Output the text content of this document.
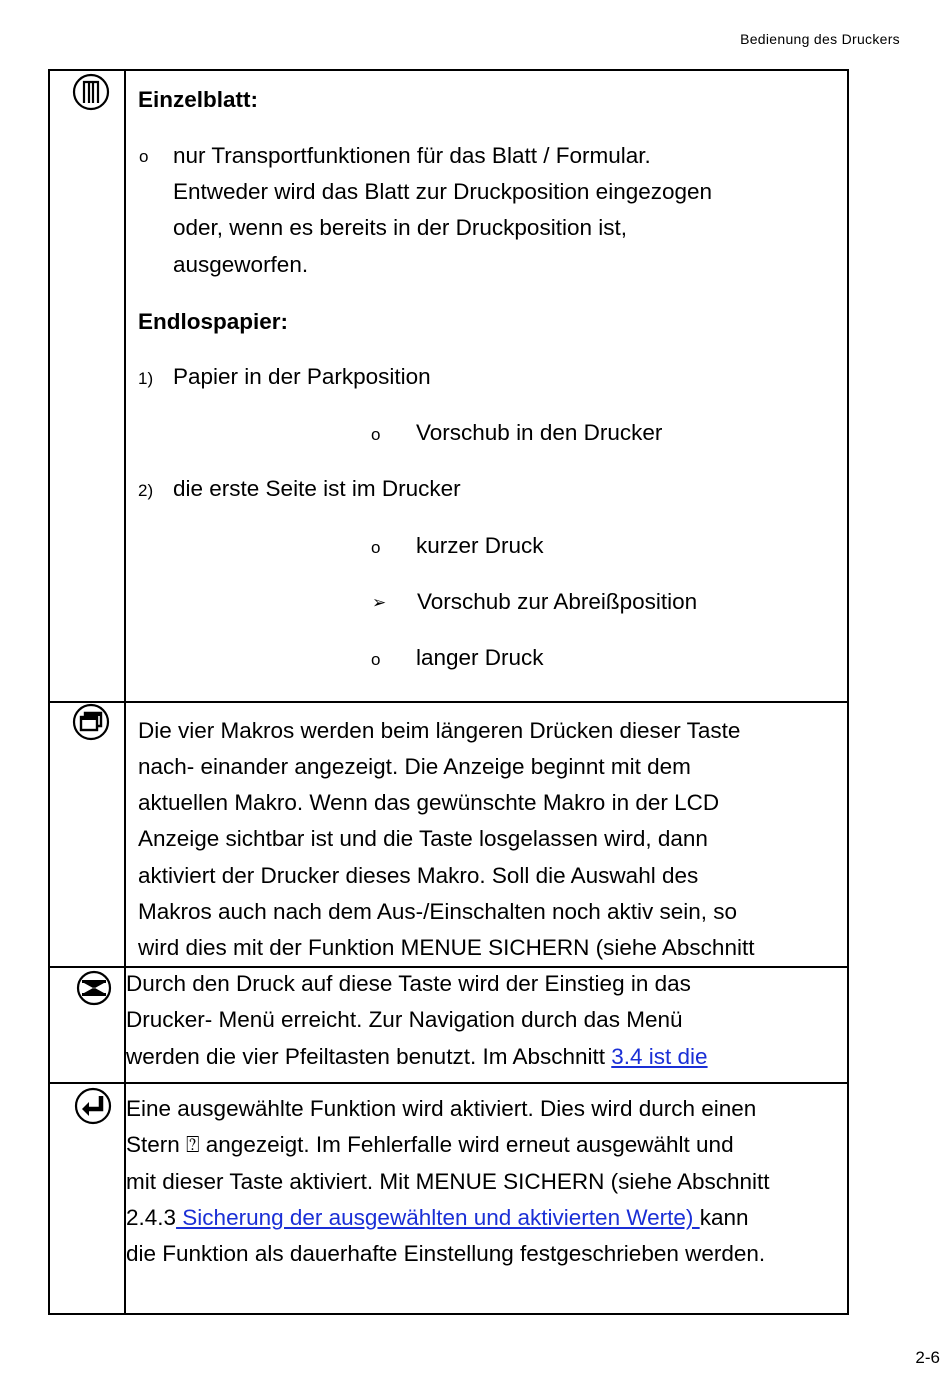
Bedienung des Druckers
Einzelblatt:
o nur Transportfunktionen für das Blatt / Formular.
Entweder wird das Blatt zur Druckposition eingezogen
oder, wenn es bereits in der Druckposition ist,
ausgeworfen.
Endlospapier:
1) Papier in der Parkposition
o Vorschub in den Drucker
2) die erste Seite ist im Drucker
o kurzer Druck
➢ Vorschub zur Abreißposition
o langer Druck
Die vier Makros werden beim längeren Drücken dieser Taste
nach- einander angezeigt. Die Anzeige beginnt mit dem
aktuellen Makro. Wenn das gewünschte Makro in der LCD
Anzeige sichtbar ist und die Taste losgelassen wird, dann
aktiviert der Drucker dieses Makro. Soll die Auswahl des
Makros auch nach dem Aus-/Einschalten noch aktiv sein, so
wird dies mit der Funktion MENUE SICHERN (siehe Abschnitt
Durch den Druck auf diese Taste wird der Einstieg in das
Drucker- Menü erreicht. Zur Navigation durch das Menü
werden die vier Pfeiltasten benutzt. Im Abschnitt 3.4 ist die
Eine ausgewählte Funktion wird aktiviert. Dies wird durch einen
Stern ⍰ angezeigt. Im Fehlerfalle wird erneut ausgewählt und
mit dieser Taste aktiviert. Mit MENUE SICHERN (siehe Abschnitt
2.4.3 Sicherung der ausgewählten und aktivierten Werte) kann
die Funktion als dauerhafte Einstellung festgeschrieben werden.
2-6
